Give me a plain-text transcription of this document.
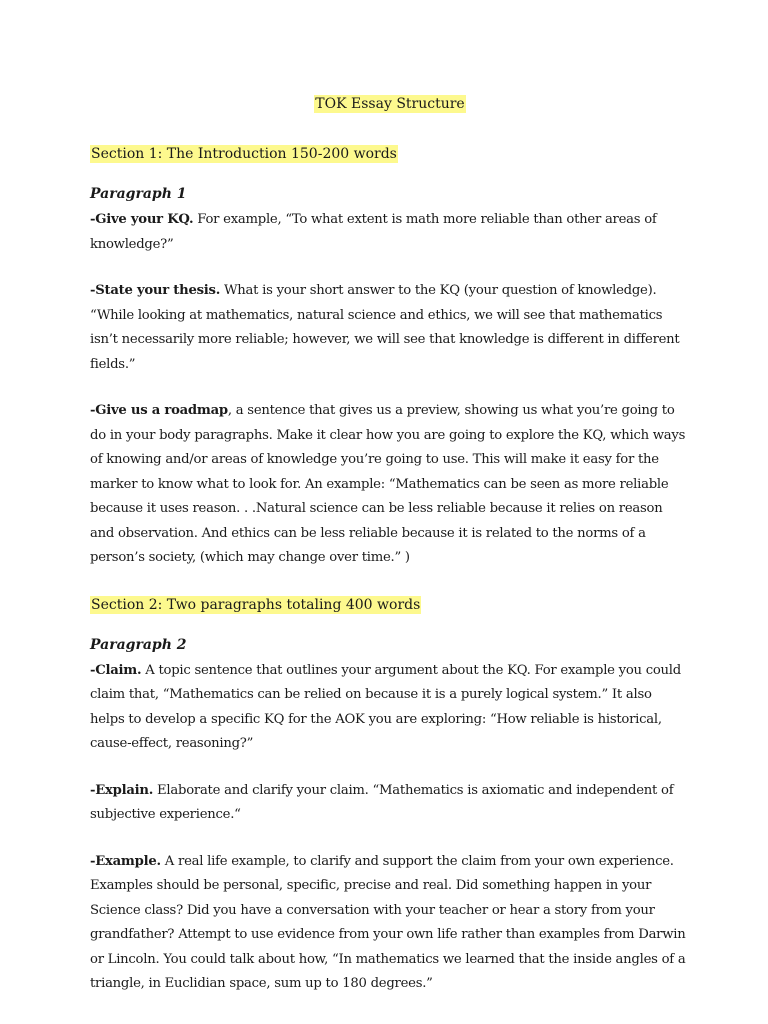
TOK Essay Structure
Section 1: The Introduction 150-200 words
Paragraph 1

-Give your KQ. For example, “To what extent is math more reliable than other areas of knowledge?”

-State your thesis. What is your short answer to the KQ (your question of knowledge). “While looking at mathematics, natural science and ethics, we will see that mathematics isn’t necessarily more reliable; however, we will see that knowledge is different in different fields.”

-Give us a roadmap, a sentence that gives us a preview, showing us what you’re going to do in your body paragraphs. Make it clear how you are going to explore the KQ, which ways of knowing and/or areas of knowledge you’re going to use. This will make it easy for the marker to know what to look for. An example: “Mathematics can be seen as more reliable because it uses reason. . .Natural science can be less reliable because it relies on reason and observation. And ethics can be less reliable because it is related to the norms of a person’s society, (which may change over time.” )

Section 2: Two paragraphs totaling 400 words
Paragraph 2

-Claim. A topic sentence that outlines your argument about the KQ. For example you could claim that, “Mathematics can be relied on because it is a purely logical system.” It also helps to develop a specific KQ for the AOK you are exploring: “How reliable is historical, cause-effect, reasoning?”

-Explain. Elaborate and clarify your claim. “Mathematics is axiomatic and independent of subjective experience.“

-Example. A real life example, to clarify and support the claim from your own experience. Examples should be personal, specific, precise and real. Did something happen in your Science class? Did you have a conversation with your teacher or hear a story from your grandfather? Attempt to use evidence from your own life rather than examples from Darwin or Lincoln. You could talk about how, “In mathematics we learned that the inside angles of a triangle, in Euclidian space, sum up to 180 degrees.”
